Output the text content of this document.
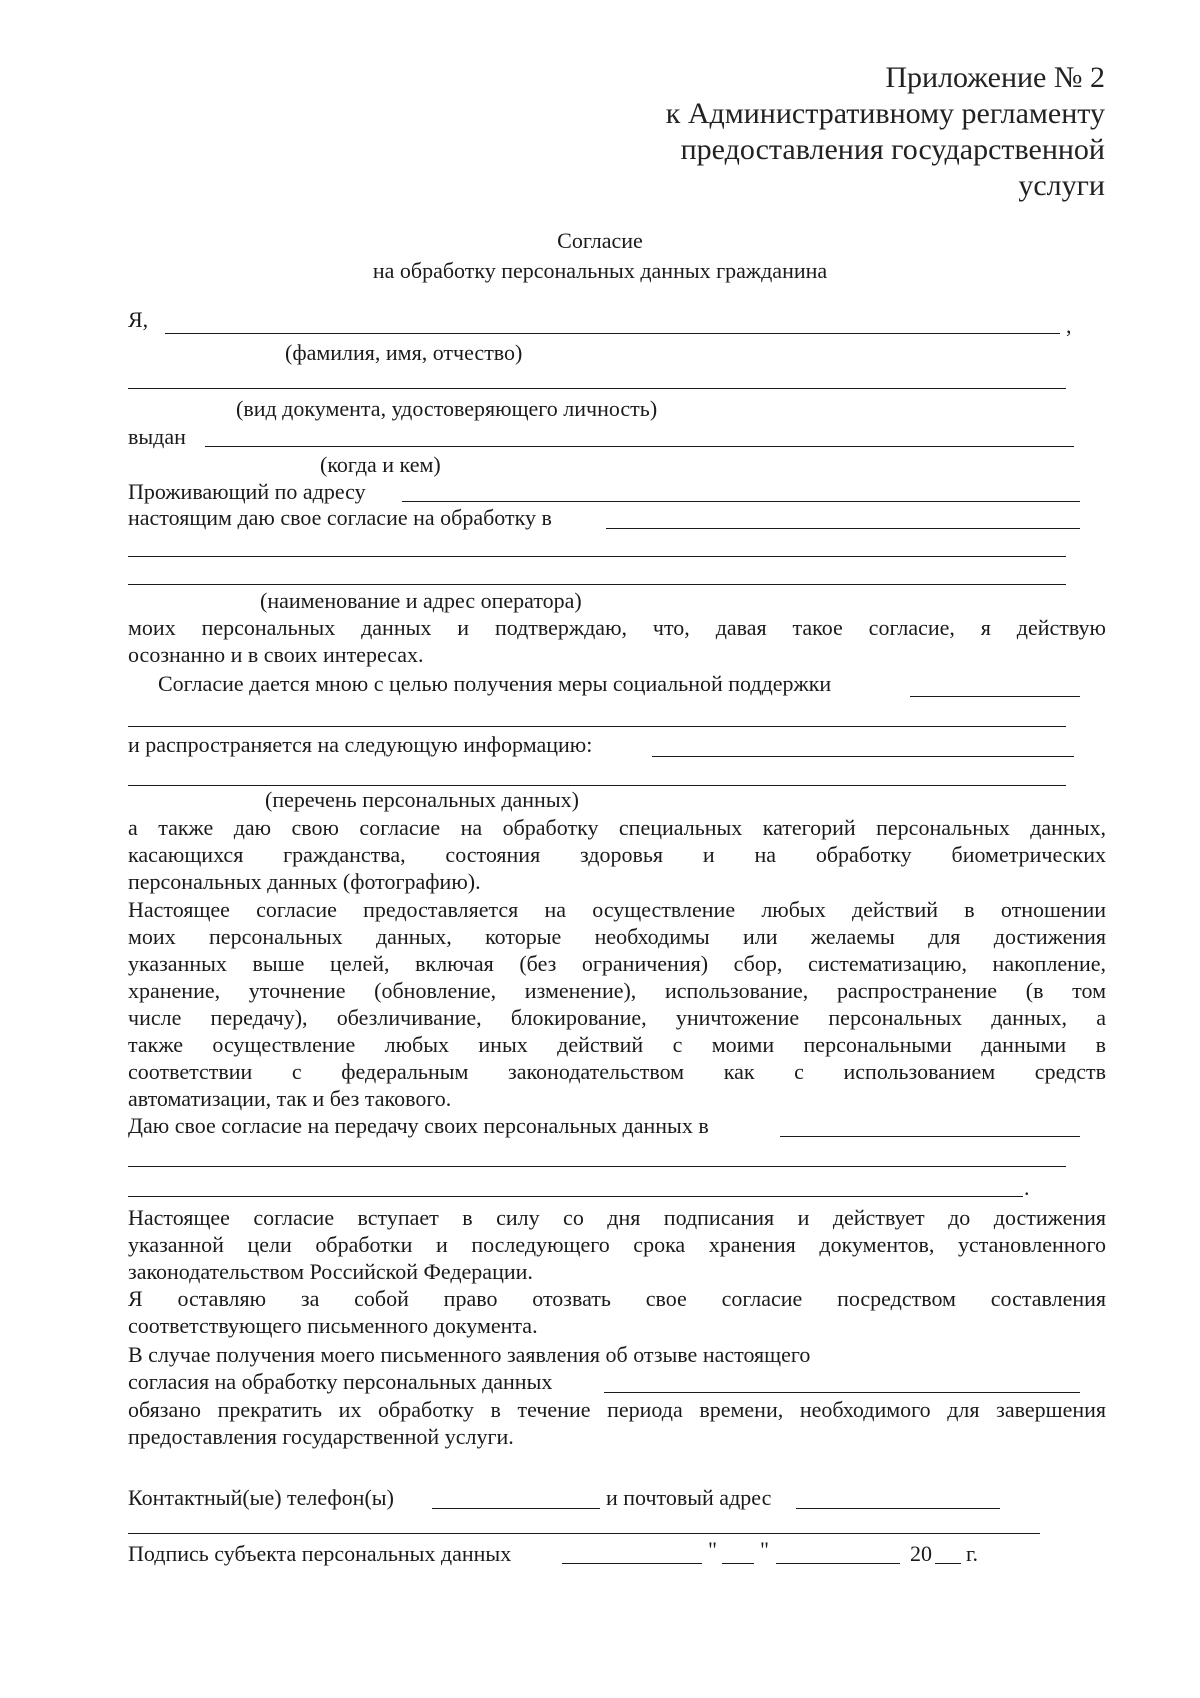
Приложение № 2
к Административному регламенту
предоставления государственной
услуги
Согласие
на обработку персональных данных гражданина
Я,	,
(фамилия, имя, отчество)
(вид документа, удостоверяющего личность)
выдан
(когда и кем)
Проживающий по адресу
настоящим даю свое согласие на обработку в
(наименование и адрес оператора)
моих персональных данных и подтверждаю, что, давая такое согласие, я действую
осознанно и в своих интересах.
Согласие дается мною с целью получения меры социальной поддержки
и распространяется на следующую информацию:
(перечень персональных данных)
а также даю свою согласие на обработку специальных категорий персональных данных,
касающихся гражданства, состояния здоровья и на обработку биометрических
персональных данных (фотографию).
Настоящее согласие предоставляется на осуществление любых действий в отношении
моих персональных данных, которые необходимы или желаемы для достижения
указанных выше целей, включая (без ограничения) сбор, систематизацию, накопление,
хранение, уточнение (обновление, изменение), использование, распространение (в том
числе передачу), обезличивание, блокирование, уничтожение персональных данных, а
также осуществление любых иных действий с моими персональными данными в
соответствии с федеральным законодательством как с использованием средств
автоматизации, так и без такового.
Даю свое согласие на передачу своих персональных данных в
.
Настоящее согласие вступает в силу со дня подписания и действует до достижения
указанной цели обработки и последующего срока хранения документов, установленного
законодательством Российской Федерации.
Я оставляю за собой право отозвать свое согласие посредством составления
соответствующего письменного документа.
В случае получения моего письменного заявления об отзыве настоящего
согласия на обработку персональных данных
обязано прекратить их обработку в течение периода времени, необходимого для завершения
предоставления государственной услуги.
Контактный(ые) телефон(ы)	и почтовый адрес
Подпись субъекта персональных данных	" "	20 г.
